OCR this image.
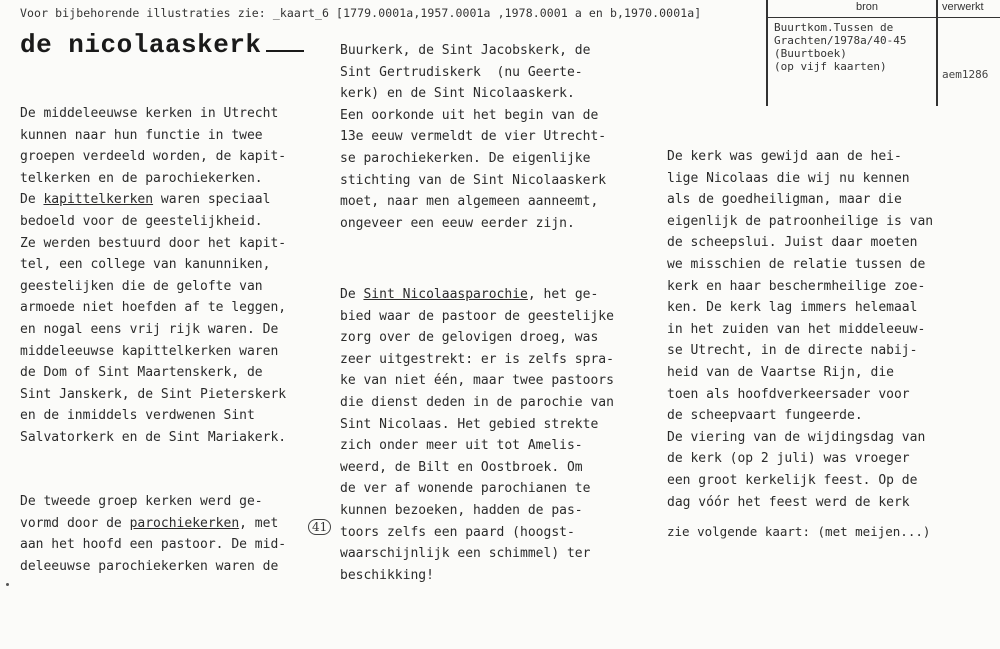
Voor bijbehorende illustraties zie: _kaart_6 [1779.0001a,1957.0001a ,1978.0001 a en b,1970.0001a]
de nicolaaskerk
bron	verwerkt
Buurtkom.Tussen de
Grachten/1978a/40-45
(Buurtboek)
(op vijf kaarten)
aem1286
De middeleeuwse kerken in Utrecht
kunnen naar hun functie in twee
groepen verdeeld worden, de kapit-
telkerken en de parochiekerken.
De kapittelkerken waren speciaal
bedoeld voor de geestelijkheid.
Ze werden bestuurd door het kapit-
tel, een college van kanunniken,
geestelijken die de gelofte van
armoede niet hoefden af te leggen,
en nogal eens vrij rijk waren. De
middeleeuwse kapittelkerken waren
de Dom of Sint Maartenskerk, de
Sint Janskerk, de Sint Pieterskerk
en de inmiddels verdwenen Sint
Salvatorkerk en de Sint Mariakerk.
De tweede groep kerken werd ge-
vormd door de parochiekerken, met
aan het hoofd een pastoor. De mid-
deleeuwse parochiekerken waren de
Buurkerk, de Sint Jacobskerk, de
Sint Gertrudiskerk  (nu Geerte-
kerk) en de Sint Nicolaaskerk.
Een oorkonde uit het begin van de
13e eeuw vermeldt de vier Utrecht-
se parochiekerken. De eigenlijke
stichting van de Sint Nicolaaskerk
moet, naar men algemeen aanneemt,
ongeveer een eeuw eerder zijn.
De Sint Nicolaasparochie, het ge-
bied waar de pastoor de geestelijke
zorg over de gelovigen droeg, was
zeer uitgestrekt: er is zelfs spra-
ke van niet één, maar twee pastoors
die dienst deden in de parochie van
Sint Nicolaas. Het gebied strekte
zich onder meer uit tot Amelis-
weerd, de Bilt en Oostbroek. Om
de ver af wonende parochianen te
kunnen bezoeken, hadden de pas-
toors zelfs een paard (hoogst-
waarschijnlijk een schimmel) ter
beschikking!
41
De kerk was gewijd aan de hei-
lige Nicolaas die wij nu kennen
als de goedheiligman, maar die
eigenlijk de patroonheilige is van
de scheepslui. Juist daar moeten
we misschien de relatie tussen de
kerk en haar beschermheilige zoe-
ken. De kerk lag immers helemaal
in het zuiden van het middeleeuw-
se Utrecht, in de directe nabij-
heid van de Vaartse Rijn, die
toen als hoofdverkeersader voor
de scheepvaart fungeerde.
De viering van de wijdingsdag van
de kerk (op 2 juli) was vroeger
een groot kerkelijk feest. Op de
dag vóór het feest werd de kerk
zie volgende kaart: (met meijen...)
